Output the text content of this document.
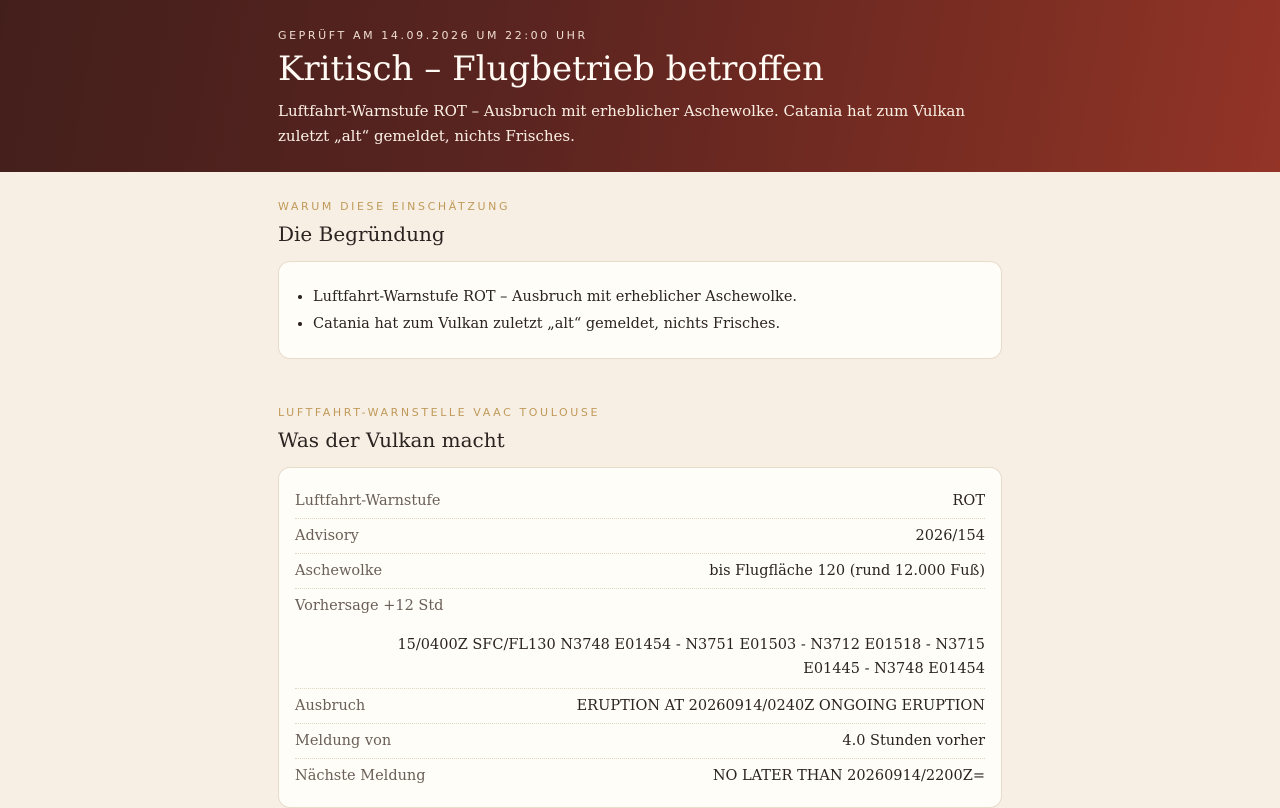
GEPRÜFT AM 14.09.2026 UM 22:00 UHR

Kritisch – Flugbetrieb betroffen

Luftfahrt-Warnstufe ROT – Ausbruch mit erheblicher Aschewolke. Catania hat zum Vulkan zuletzt „alt“ gemeldet, nichts Frisches.

WARUM DIESE EINSCHÄTZUNG

Die Begründung
• Luftfahrt-Warnstufe ROT – Ausbruch mit erheblicher Aschewolke.
• Catania hat zum Vulkan zuletzt „alt“ gemeldet, nichts Frisches.

LUFTFAHRT-WARNSTELLE VAAC TOULOUSE

Was der Vulkan macht
Luftfahrt-Warnstufe	ROT
Advisory	2026/154
Aschewolke	bis Flugfläche 120 (rund 12.000 Fuß)
Vorhersage +12 Std
15/0400Z SFC/FL130 N3748 E01454 - N3751 E01503 - N3712 E01518 - N3715 E01445 - N3748 E01454
Ausbruch	ERUPTION AT 20260914/0240Z ONGOING ERUPTION
Meldung von	4.0 Stunden vorher
Nächste Meldung	NO LATER THAN 20260914/2200Z=
